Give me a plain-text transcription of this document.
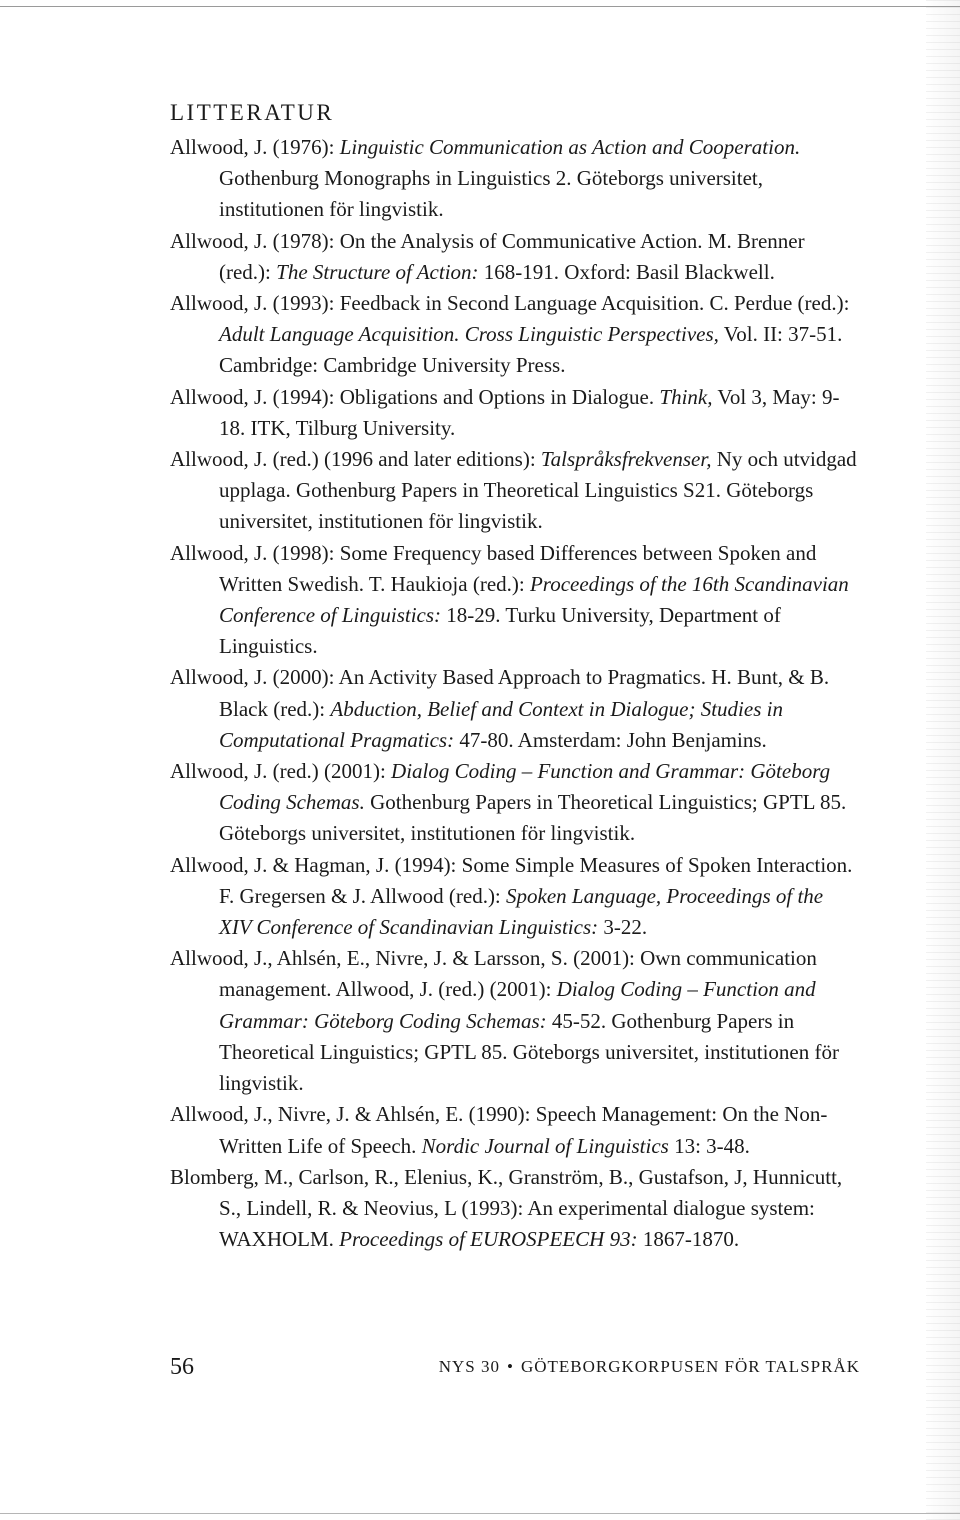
LITTERATUR

Allwood, J. (1976): Linguistic Communication as Action and Cooperation. Gothenburg Monographs in Linguistics 2. Göteborgs universitet, institutionen för lingvistik.

Allwood, J. (1978): On the Analysis of Communicative Action. M. Brenner (red.): The Structure of Action: 168-191. Oxford: Basil Blackwell.

Allwood, J. (1993): Feedback in Second Language Acquisition. C. Perdue (red.): Adult Language Acquisition. Cross Linguistic Perspectives, Vol. II: 37-51. Cambridge: Cambridge University Press.

Allwood, J. (1994): Obligations and Options in Dialogue. Think, Vol 3, May: 9-18. ITK, Tilburg University.

Allwood, J. (red.) (1996 and later editions): Talspråksfrekvenser, Ny och utvidgad upplaga. Gothenburg Papers in Theoretical Linguistics S21. Göteborgs universitet, institutionen för lingvistik.

Allwood, J. (1998): Some Frequency based Differences between Spoken and Written Swedish. T. Haukioja (red.): Proceedings of the 16th Scandinavian Conference of Linguistics: 18-29. Turku University, Department of Linguistics.

Allwood, J. (2000): An Activity Based Approach to Pragmatics. H. Bunt, & B. Black (red.): Abduction, Belief and Context in Dialogue; Studies in Computational Pragmatics: 47-80. Amsterdam: John Benjamins.

Allwood, J. (red.) (2001): Dialog Coding – Function and Grammar: Göteborg Coding Schemas. Gothenburg Papers in Theoretical Linguistics; GPTL 85. Göteborgs universitet, institutionen för lingvistik.

Allwood, J. & Hagman, J. (1994): Some Simple Measures of Spoken Interaction. F. Gregersen & J. Allwood (red.): Spoken Language, Proceedings of the XIV Conference of Scandinavian Linguistics: 3-22.

Allwood, J., Ahlsén, E., Nivre, J. & Larsson, S. (2001): Own communication management. Allwood, J. (red.) (2001): Dialog Coding – Function and Grammar: Göteborg Coding Schemas: 45-52. Gothenburg Papers in Theoretical Linguistics; GPTL 85. Göteborgs universitet, institutionen för lingvistik.

Allwood, J., Nivre, J. & Ahlsén, E. (1990): Speech Management: On the Non-Written Life of Speech. Nordic Journal of Linguistics 13: 3-48.

Blomberg, M., Carlson, R., Elenius, K., Granström, B., Gustafson, J, Hunnicutt, S., Lindell, R. & Neovius, L (1993): An experimental dialogue system: WAXHOLM. Proceedings of EUROSPEECH 93: 1867-1870.

56	NYS 30 • GÖTEBORGKORPUSEN FÖR TALSPRÅK
